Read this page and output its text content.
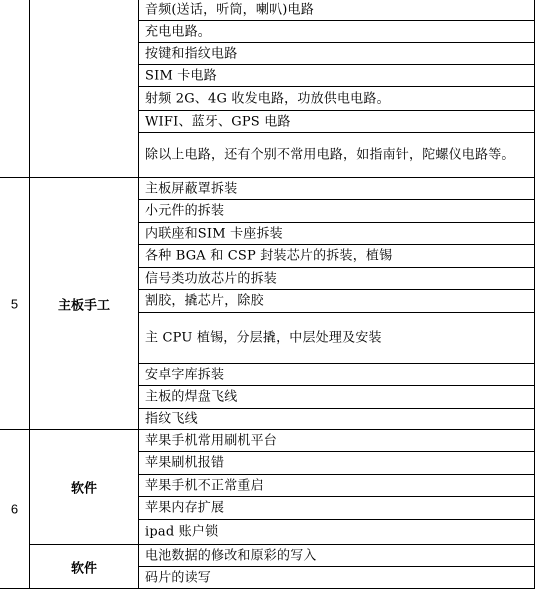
音频(送话，听筒，喇叭)电路
充电电路。
按键和指纹电路
SIM 卡电路
射频 2G、4G 收发电路，功放供电电路。
WIFI、蓝牙、GPS 电路
除以上电路，还有个别不常用电路，如指南针，陀螺仪电路等。
5	主板手工
主板屏蔽罩拆装
小元件的拆装
内联座和SIM 卡座拆装
各种 BGA 和 CSP 封装芯片的拆装，植锡
信号类功放芯片的拆装
割胶，撬芯片，除胶
主 CPU 植锡，分层撬，中层处理及安装
安卓字库拆装
主板的焊盘飞线
指纹飞线
6
软件
苹果手机常用刷机平台
苹果刷机报错
苹果手机不正常重启
苹果内存扩展
ipad 账户锁
软件
电池数据的修改和原彩的写入
码片的读写
